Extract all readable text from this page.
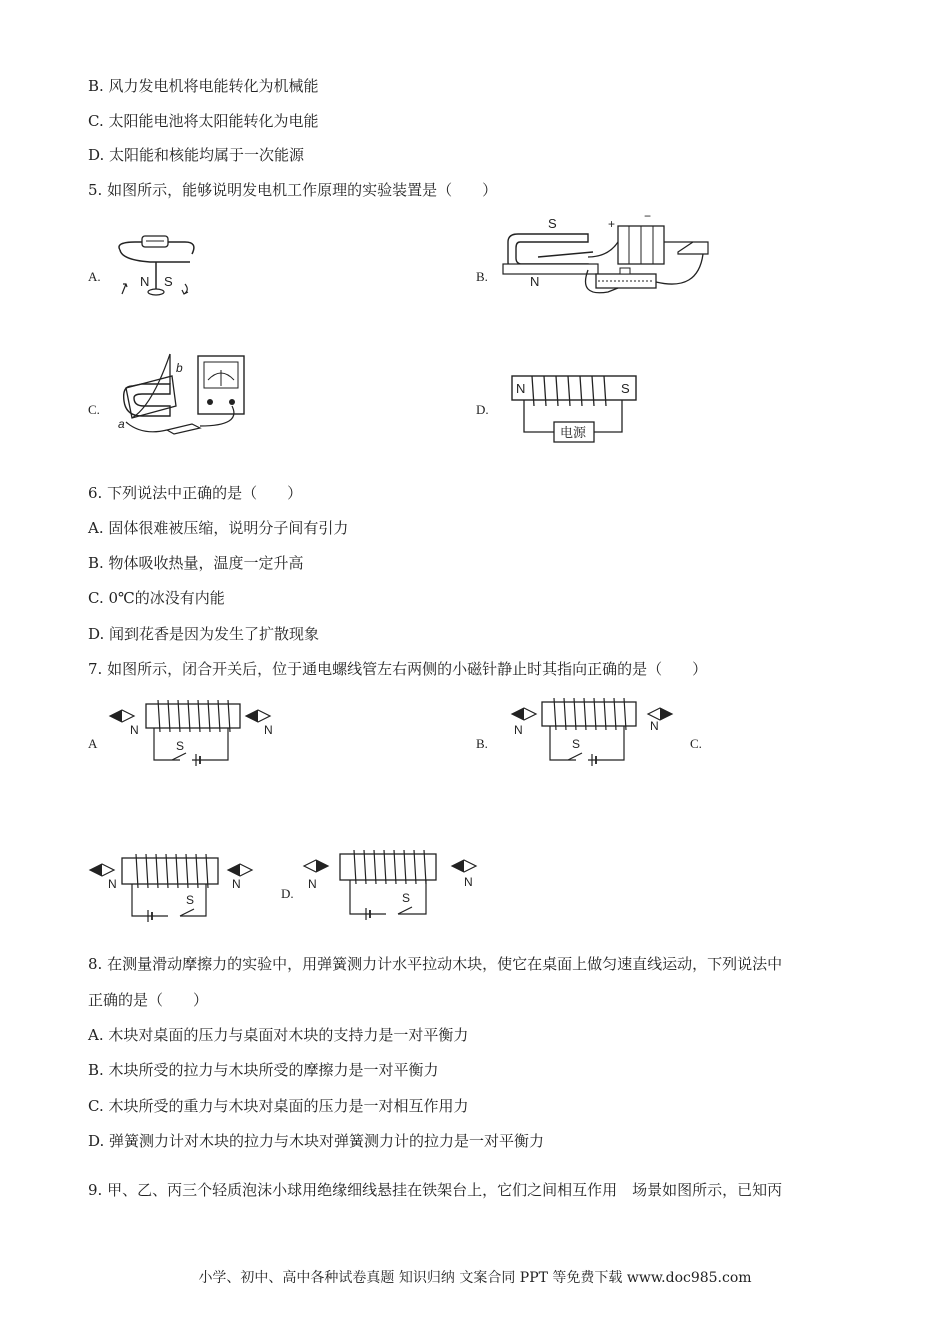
B. 风力发电机将电能转化为机械能
C. 太阳能电池将太阳能转化为电能
D. 太阳能和核能均属于一次能源
5. 如图所示，能够说明发电机工作原理的实验装置是（　　）
A.	B.
C.	D.
N S
S
N
+
−
b
a
N	S
电源
6. 下列说法中正确的是（　　）
A. 固体很难被压缩，说明分子间有引力
B. 物体吸收热量，温度一定升高
C. 0℃的冰没有内能
D. 闻到花香是因为发生了扩散现象
7. 如图所示，闭合开关后，位于通电螺线管左右两侧的小磁针静止时其指向正确的是（　　）
A	B.	C.
D.
N	N
S
N	N
S
N	N
S
N	N
S
8. 在测量滑动摩擦力的实验中，用弹簧测力计水平拉动木块，使它在桌面上做匀速直线运动，下列说法中
正确的是（　　）
A. 木块对桌面的压力与桌面对木块的支持力是一对平衡力
B. 木块所受的拉力与木块所受的摩擦力是一对平衡力
C. 木块所受的重力与木块对桌面的压力是一对相互作用力
D. 弹簧测力计对木块的拉力与木块对弹簧测力计的拉力是一对平衡力
9. 甲、乙、丙三个轻质泡沫小球用绝缘细线悬挂在铁架台上，它们之间相互作用　场景如图所示，已知丙
小学、初中、高中各种试卷真题 知识归纳 文案合同 PPT 等免费下载 www.doc985.com
